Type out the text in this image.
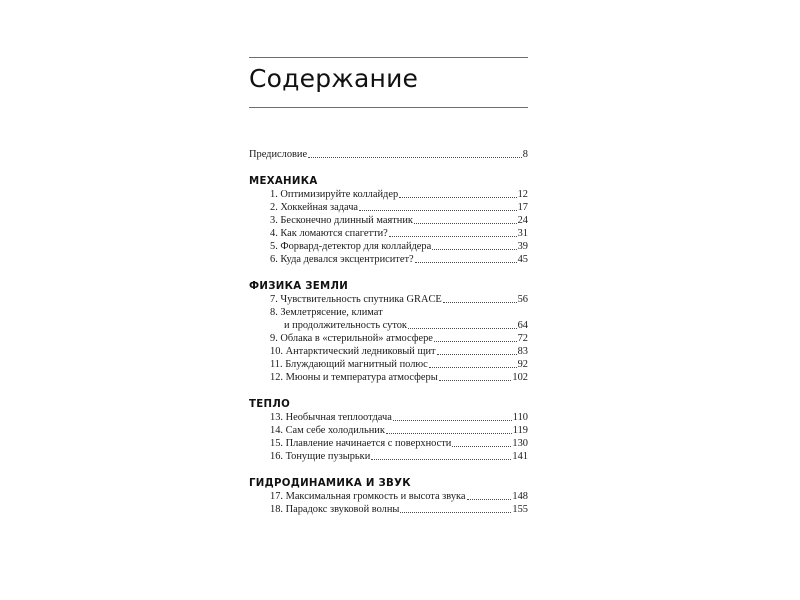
Содержание
Предисловие	8
МЕХАНИКА
1. Оптимизируйте коллайдер	12
2. Хоккейная задача	17
3. Бесконечно длинный маятник	24
4. Как ломаются спагетти?	31
5. Форвард-детектор для коллайдера	39
6. Куда девался эксцентриситет?	45
ФИЗИКА ЗЕМЛИ
7. Чувствительность спутника GRACE	56
8. Землетрясение, климат
и продолжительность суток	64
9. Облака в «стерильной» атмосфере	72
10. Антарктический ледниковый щит	83
11. Блуждающий магнитный полюс	92
12. Мюоны и температура атмосферы	102
ТЕПЛО
13. Необычная теплоотдача	110
14. Сам себе холодильник	119
15. Плавление начинается с поверхности	130
16. Тонущие пузырьки	141
ГИДРОДИНАМИКА И ЗВУК
17. Максимальная громкость и высота звука	148
18. Парадокс звуковой волны	155
